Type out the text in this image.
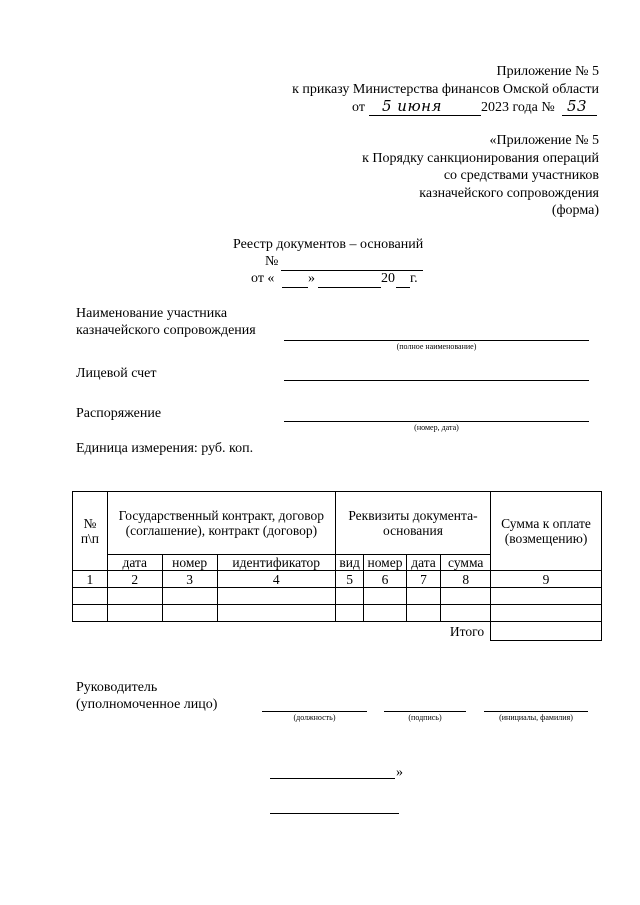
Приложение № 5
к приказу Министерства финансов Омской области
от 5 июня	2023 года № 53
«Приложение № 5
к Порядку санкционирования операций
со средствами участников
казначейского сопровождения
(форма)
Реестр документов – оснований
№
от « »	20 г.
Наименование участника
казначейского сопровождения
(полное наименование)
Лицевой счет
Распоряжение
(номер, дата)
Единица измерения: руб. коп.
№ п\п	Государственный контракт, договор (соглашение), контракт (договор)			Реквизиты документа-основания				Сумма к оплате (возмещению)
	дата	номер	идентификатор	вид	номер	дата	сумма	
1	2	3	4	5	6	7	8	9

Итого								
Руководитель
(уполномоченное лицо)
(должность)	(подпись)	(инициалы, фамилия)
»
